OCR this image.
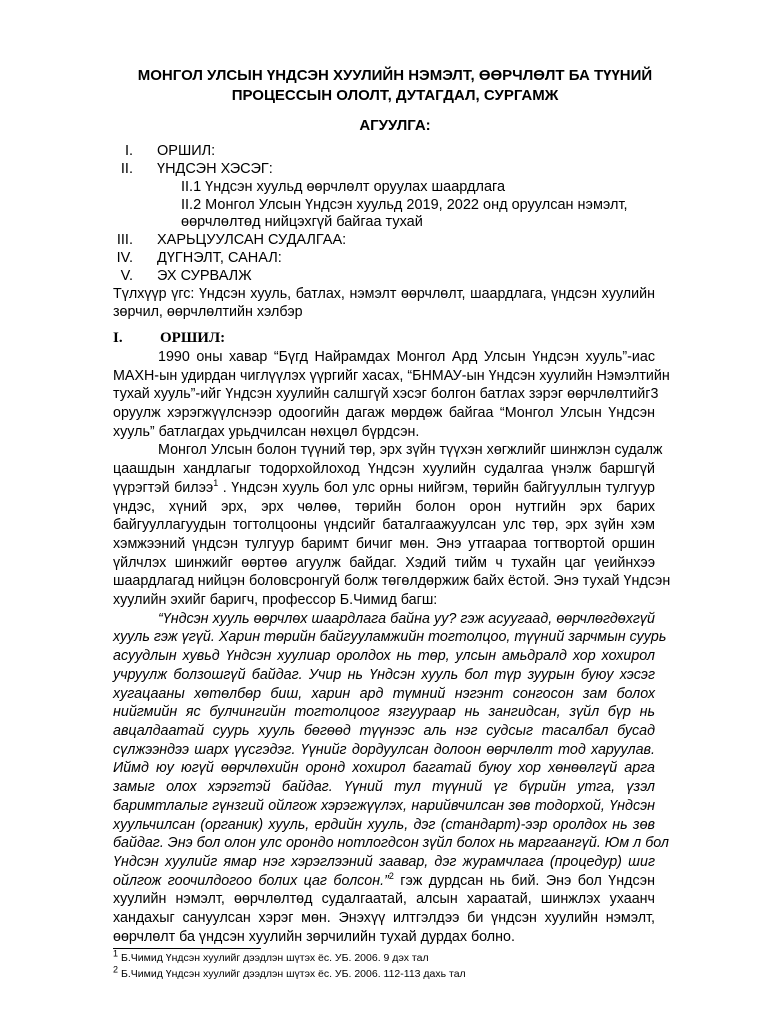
МОНГОЛ УЛСЫН ҮНДСЭН ХУУЛИЙН НЭМЭЛТ, ӨӨРЧЛӨЛТ БА ТҮҮНИЙ
ПРОЦЕССЫН ОЛОЛТ, ДУТАГДАЛ, СУРГАМЖ
АГУУЛГА:
I. ОРШИЛ:
II. ҮНДСЭН ХЭСЭГ:
II.1 Үндсэн хуульд өөрчлөлт оруулах шаардлага
II.2 Монгол Улсын Үндсэн хуульд 2019, 2022 онд оруулсан нэмэлт,
өөрчлөлтөд нийцэхгүй байгаа тухай
III. ХАРЬЦУУЛСАН СУДАЛГАА:
IV. ДҮГНЭЛТ, САНАЛ:
V. ЭХ СУРВАЛЖ
Түлхүүр үгс: Үндсэн хууль, батлах, нэмэлт өөрчлөлт, шаардлага, үндсэн хуулийн
зөрчил, өөрчлөлтийн хэлбэр
I. ОРШИЛ:
1990 оны хавар “Бүгд Найрамдах Монгол Ард Улсын Үндсэн хууль”-иас
МАХН-ын удирдан чиглүүлэх үүргийг хасах, “БНМАУ-ын Үндсэн хуулийн Нэмэлтийн
тухай хууль”-ийг Үндсэн хуулийн салшгүй хэсэг болгон батлах зэрэг өөрчлөлтийг3
оруулж хэрэгжүүлснээр одоогийн дагаж мөрдөж байгаа “Монгол Улсын Үндсэн
хууль” батлагдах урьдчилсан нөхцөл бүрдсэн.
Монгол Улсын болон түүний төр, эрх зүйн түүхэн хөгжлийг шинжлэн судалж
цаашдын хандлагыг тодорхойлоход Үндсэн хуулийн судалгаа үнэлж баршгүй
үүрэгтэй билээ$^1$ . Үндсэн хууль бол улс орны нийгэм, төрийн байгууллын тулгуур
үндэс, хүний эрх, эрх чөлөө, төрийн болон орон нутгийн эрх барих
байгууллагуудын тогтолцооны үндсийг баталгаажуулсан улс төр, эрх зүйн хэм
хэмжээний үндсэн тулгуур баримт бичиг мөн. Энэ утгаараа тогтвортой оршин
үйлчлэх шинжийг өөртөө агуулж байдаг. Хэдий тийм ч тухайн цаг үеийнхээ
шаардлагад нийцэн боловсронгуй болж төгөлдөржиж байх ёстой. Энэ тухай Үндсэн
хуулийн эхийг баригч, профессор Б.Чимид багш:
“Үндсэн хууль өөрчлөх шаардлага байна уу? гэж асуугаад, өөрчлөгдөхгүй
хууль гэж үгүй. Харин төрийн байгууламжийн тогтолцоо, түүний зарчмын суурь
асуудлын хувьд Үндсэн хуулиар оролдох нь төр, улсын амьдралд хор хохирол
учруулж болзошгүй байдаг. Учир нь Үндсэн хууль бол түр зуурын буюу хэсэг
хугацааны хөтөлбөр биш, харин ард түмний нэгэнт сонгосон зам болох
нийгмийн яс булчингийн тогтолцоог язгуураар нь зангидсан, зүйл бүр нь
авцалдаатай суурь хууль бөгөөд түүнээс аль нэг судсыг тасалбал бусад
сүлжээндээ шарх үүсгэдэг. Үүнийг дордуулсан долоон өөрчлөлт тод харуулав.
Иймд юу югүй өөрчлөхийн оронд хохирол багатай буюу хор хөнөөлгүй арга
замыг олох хэрэгтэй байдаг. Үүний тул түүний үг бүрийн утга, үзэл
баримтлалыг гүнзгий ойлгож хэрэгжүүлэх, нарийвчилсан зөв тодорхой, Үндсэн
хуульчилсан (органик) хууль, ердийн хууль, дэг (стандарт)-ээр оролдох нь зөв
байдаг. Энэ бол олон улс орондо нотлогдсон зүйл болох нь маргаангүй. Юм л бол
Үндсэн хуулийг ямар нэг хэрэглээний заавар, дэг журамчлага (процедур) шиг
ойлгож гоочилдогоо болих цаг болсон.”$^2$ гэж дурдсан нь бий. Энэ бол Үндсэн
хуулийн нэмэлт, өөрчлөлтөд судалгаатай, алсын хараатай, шинжлэх ухаанч
хандахыг сануулсан хэрэг мөн. Энэхүү илтгэлдээ би үндсэн хуулийн нэмэлт,
өөрчлөлт ба үндсэн хуулийн зөрчилийн тухай дурдах болно.
$^1$ Б.Чимид Үндсэн хуулийг дээдлэн шүтэх ёс. УБ. 2006. 9 дэх тал
$^2$ Б.Чимид Үндсэн хуулийг дээдлэн шүтэх ёс. УБ. 2006. 112-113 дахь тал
